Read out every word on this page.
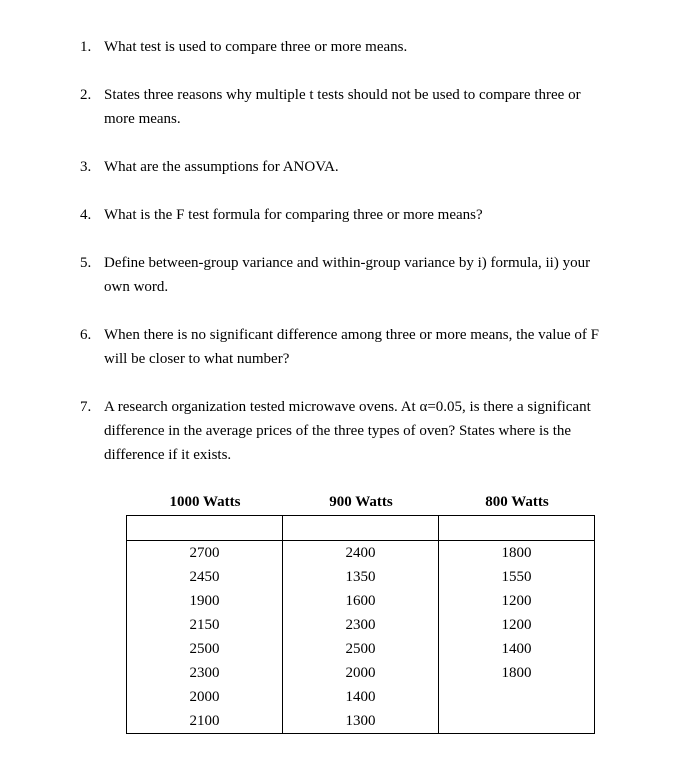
1. What test is used to compare three or more means.
2. States three reasons why multiple t tests should not be used to compare three or
more means.
3. What are the assumptions for ANOVA.
4. What is the F test formula for comparing three or more means?
5. Define between-group variance and within-group variance by i) formula, ii) your
own word.
6. When there is no significant difference among three or more means, the value of F
will be closer to what number?
7. A research organization tested microwave ovens. At α=0.05, is there a significant
difference in the average prices of the three types of oven? States where is the
difference if it exists.
1000 Watts	900 Watts	800 Watts

2700	2400	1800
2450	1350	1550
1900	1600	1200
2150	2300	1200
2500	2500	1400
2300	2000	1800
2000	1400	
2100	1300	
